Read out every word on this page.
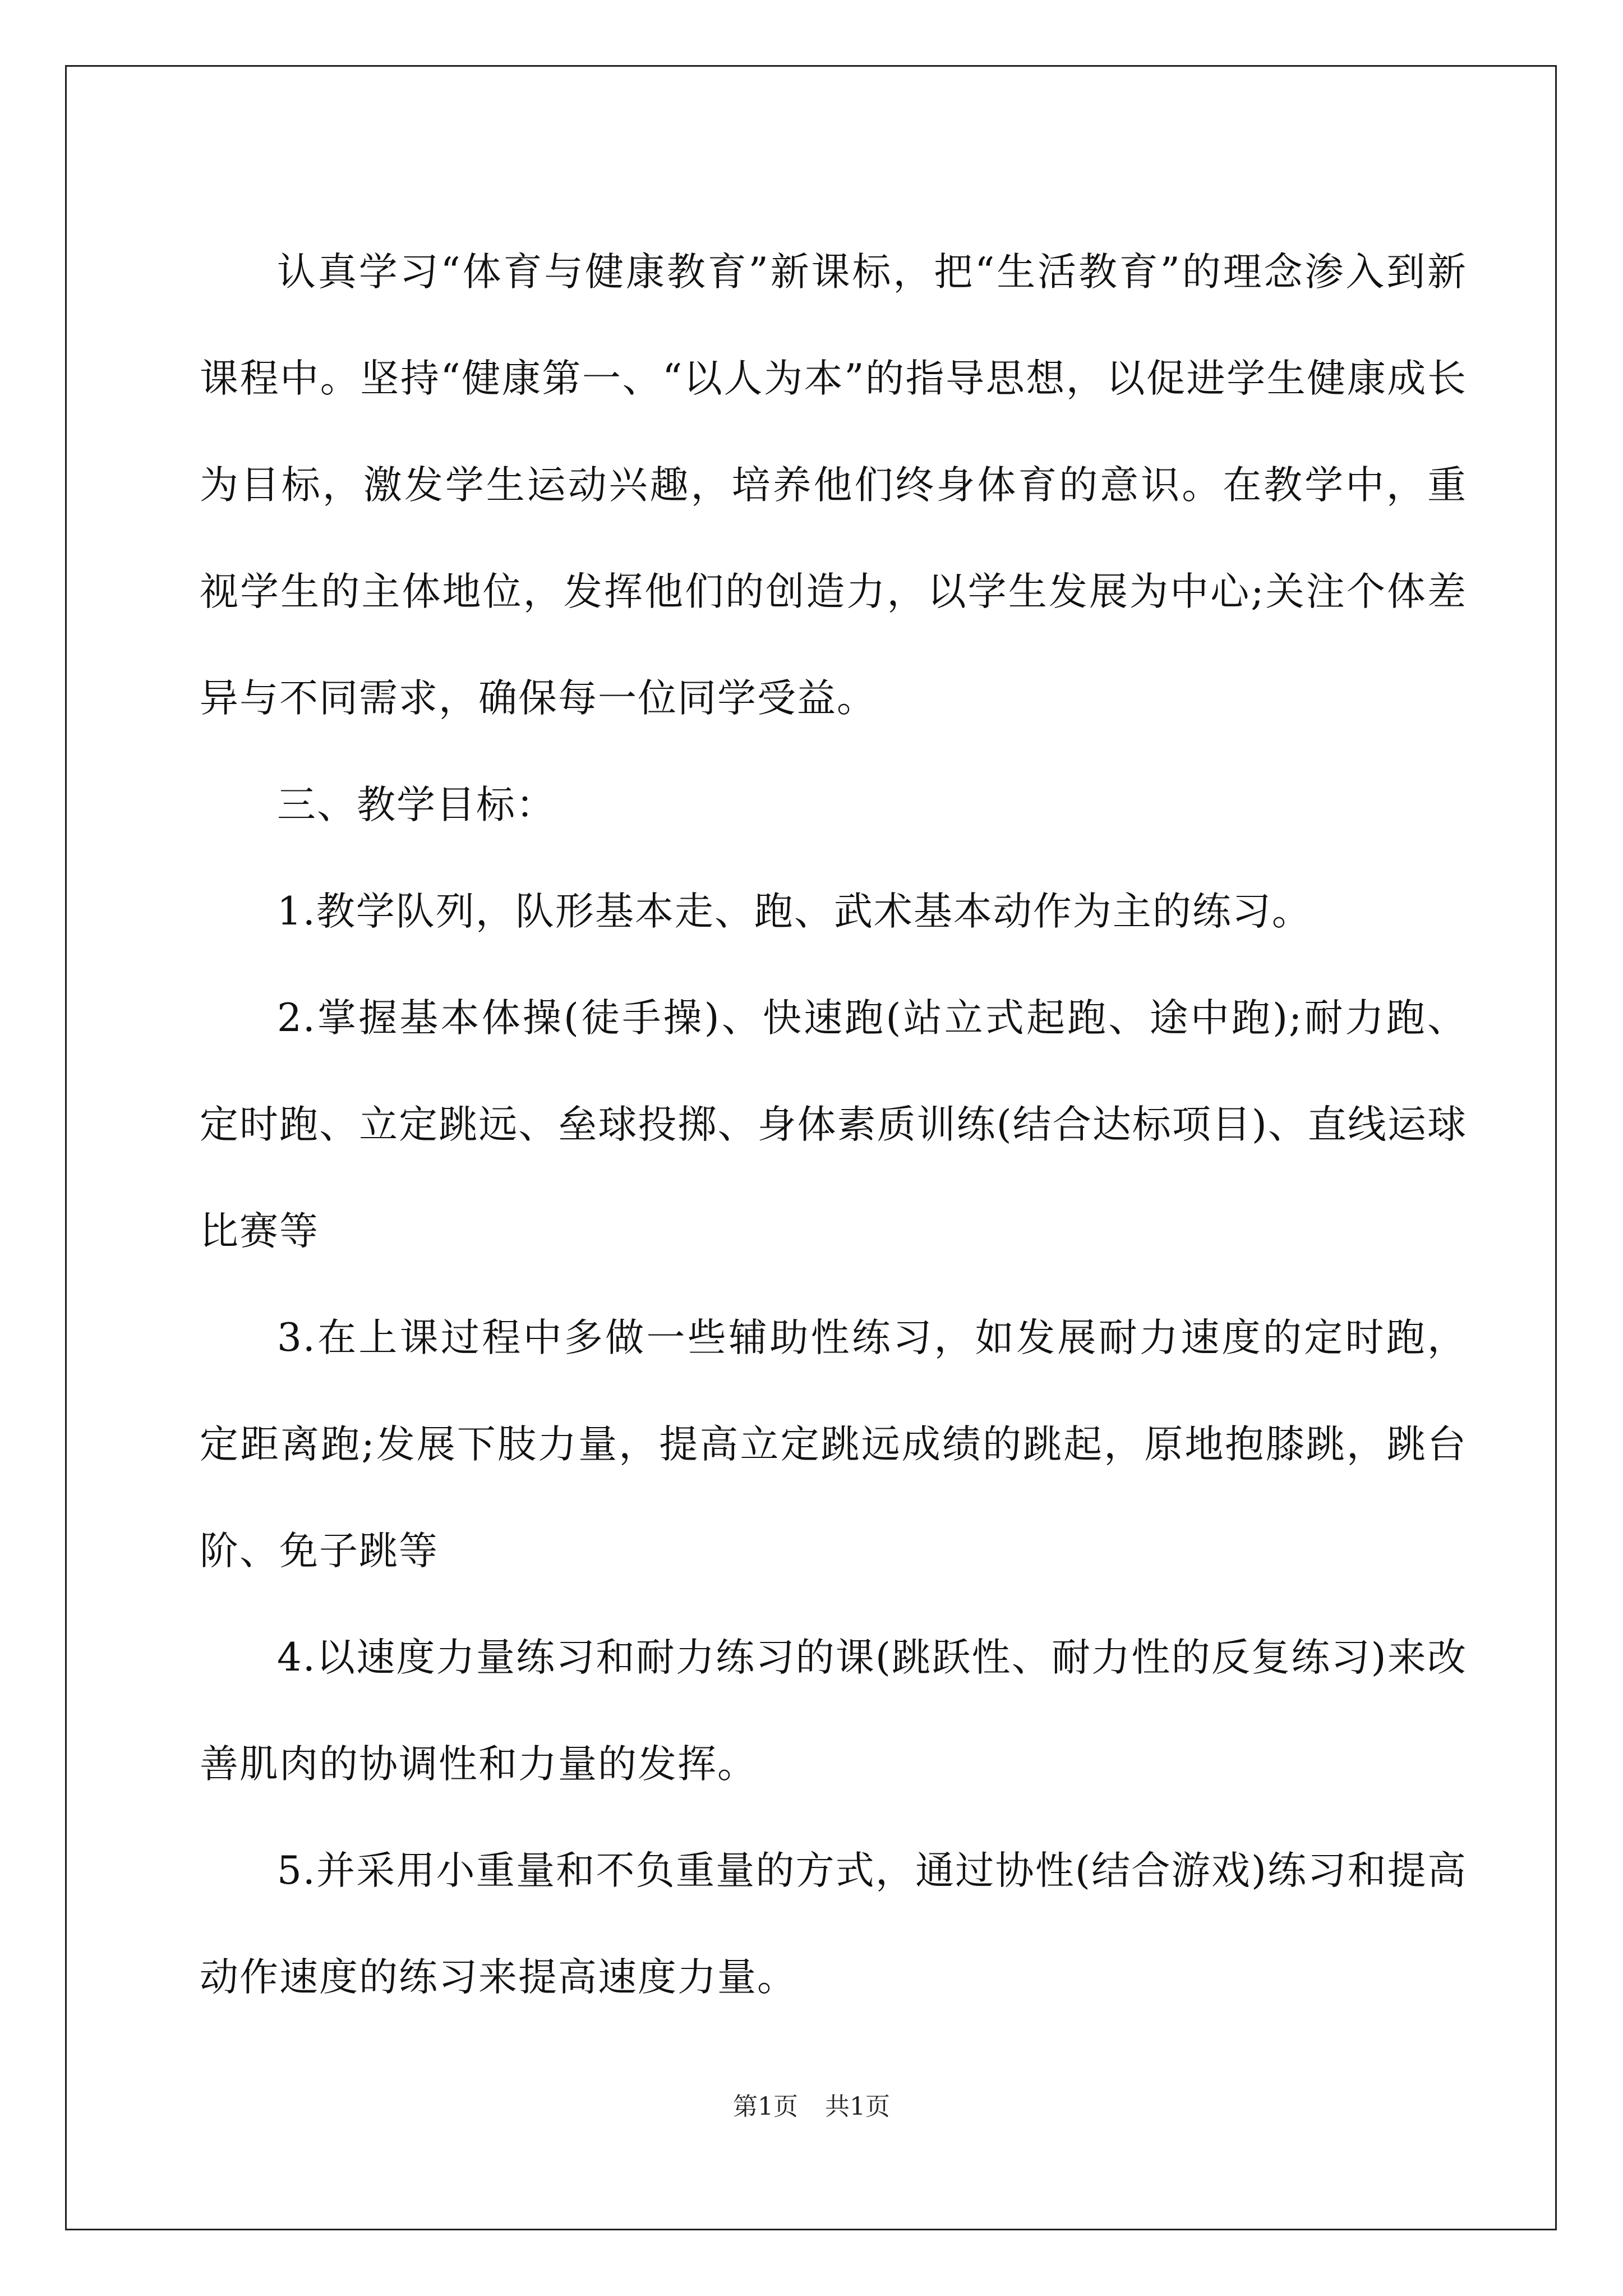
认真学习“体育与健康教育”新课标，把“生活教育”的理念渗入到新课程中。坚持“健康第一、“以人为本”的指导思想，以促进学生健康成长为目标，激发学生运动兴趣，培养他们终身体育的意识。在教学中，重视学生的主体地位，发挥他们的创造力，以学生发展为中心;关注个体差异与不同需求，确保每一位同学受益。

三、教学目标：

1.教学队列，队形基本走、跑、武术基本动作为主的练习。

2.掌握基本体操(徒手操)、快速跑(站立式起跑、途中跑);耐力跑、定时跑、立定跳远、垒球投掷、身体素质训练(结合达标项目)、直线运球比赛等

3.在上课过程中多做一些辅助性练习，如发展耐力速度的定时跑，定距离跑;发展下肢力量，提高立定跳远成绩的跳起，原地抱膝跳，跳台阶、免子跳等

4.以速度力量练习和耐力练习的课(跳跃性、耐力性的反复练习)来改善肌肉的协调性和力量的发挥。

5.并采用小重量和不负重量的方式，通过协性(结合游戏)练习和提高动作速度的练习来提高速度力量。

第1页 共1页
